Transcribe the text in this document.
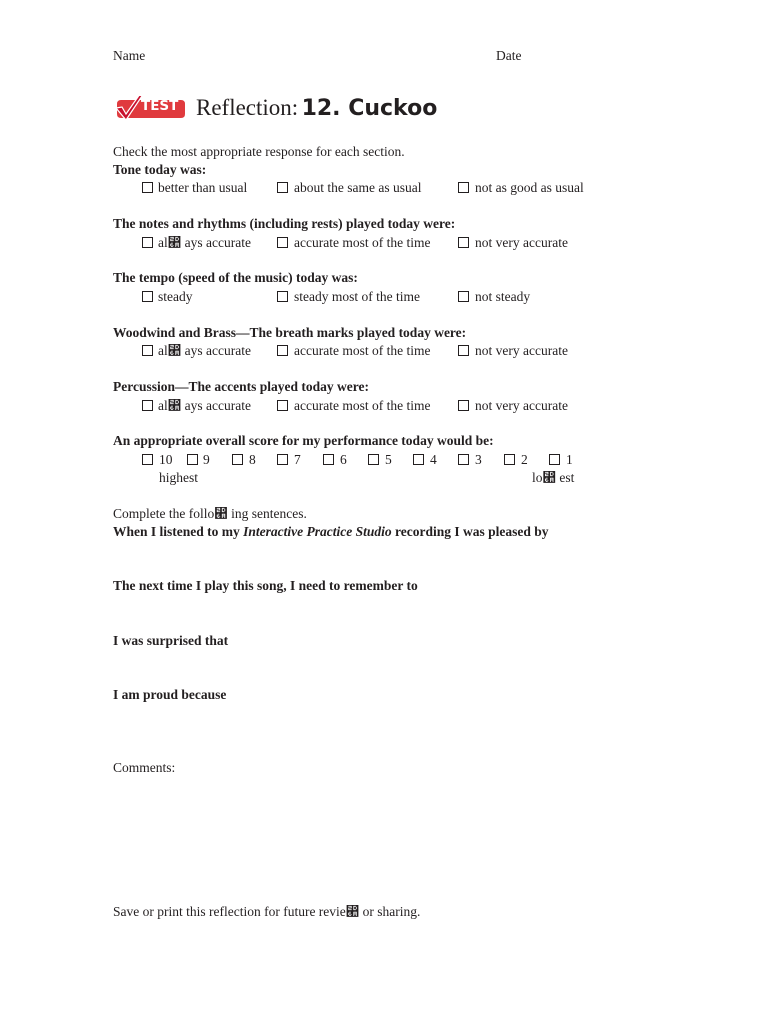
Name	Date
TEST Reflection: 12. Cuckoo
Check the most appropriate response for each section.
Tone today was:
better than usual	about the same as usual	not as good as usual
The notes and rhythms (including rests) played today were:
al⵪ ays accurate	accurate most of the time	not very accurate
The tempo (speed of the music) today was:
steady	steady most of the time	not steady
Woodwind and Brass—The breath marks played today were:
al⵪ ays accurate	accurate most of the time	not very accurate
Percussion—The accents played today were:
al⵪ ays accurate	accurate most of the time	not very accurate
An appropriate overall score for my performance today would be:
10 9	8	7	6	5	4	3	2	1
highest	lo⵪ est
Complete the follo⵪ ing sentences.
When I listened to my Interactive Practice Studio recording I was pleased by
The next time I play this song, I need to remember to
I was surprised that
I am proud because
Comments:
Save or print this reflection for future revie⵪ or sharing.
